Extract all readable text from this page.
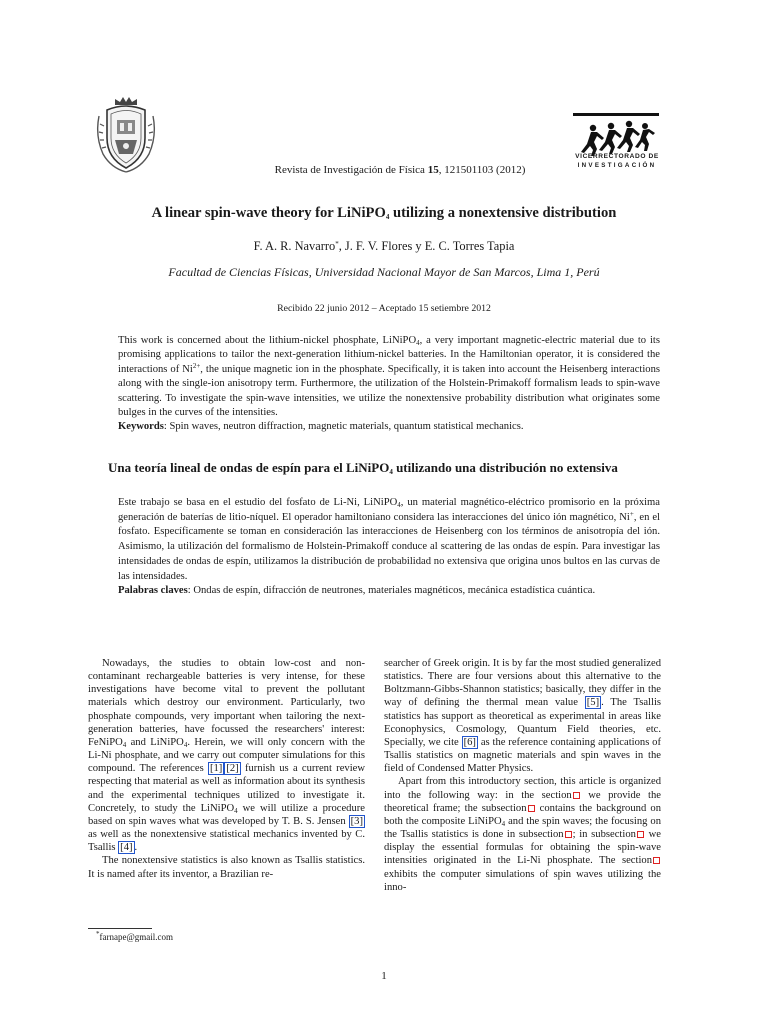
VICERRECTORADO DE
INVESTIGACIÓN
Revista de Investigación de Física 15, 121501103 (2012)
A linear spin-wave theory for LiNiPO$_4$ utilizing a nonextensive distribution
F. A. R. Navarro*, J. F. V. Flores y E. C. Torres Tapia
Facultad de Ciencias Físicas, Universidad Nacional Mayor de San Marcos, Lima 1, Perú
Recibido 22 junio 2012 – Aceptado 15 setiembre 2012

This work is concerned about the lithium-nickel phosphate, LiNiPO$_4$, a very important magnetic-electric material due to its promising applications to tailor the next-generation lithium-nickel batteries. In the Hamiltonian operator, it is considered the interactions of $Ni^{2+}$, the unique magnetic ion in the phosphate. Specifically, it is taken into account the Heisenberg interactions along with the single-ion anisotropy term. Furthermore, the utilization of the Holstein-Primakoff formalism leads to spin-wave scattering. To investigate the spin-wave intensities, we utilize the nonextensive probability distribution what originates some bulges in the curves of the intensities.

Keywords: Spin waves, neutron diffraction, magnetic materials, quantum statistical mechanics.

Una teoría lineal de ondas de espín para el LiNiPO$_4$ utilizando una distribución no extensiva

Este trabajo se basa en el estudio del fosfato de Li-Ni, LiNiPO$_4$, un material magnético-eléctrico promisorio en la próxima generación de baterías de litio-níquel. El operador hamiltoniano considera las interacciones del único ión magnético, Ni+, en el fosfato. Específicamente se toman en consideración las interacciones de Heisenberg con los términos de anisotropía del ión. Asimismo, la utilización del formalismo de Holstein-Primakoff conduce al scattering de las ondas de espín. Para investigar las intensidades de ondas de espín, utilizamos la distribución de probabilidad no extensiva que origina unos bultos en las curvas de las intensidades.

Palabras claves: Ondas de espín, difracción de neutrones, materiales magnéticos, mecánica estadística cuántica.

Nowadays, the studies to obtain low-cost and non-contaminant rechargeable batteries is very intense, for these investigations have become vital to prevent the pollutant materials which destroy our environment. Particularly, two phosphate compounds, very important when tailoring the next-generation batteries, have focussed the researchers' interest: FeNiPO$_4$ and LiNiPO$_4$. Herein, we will only concern with the Li-Ni phosphate, and we carry out computer simulations for this compound. The references [1] [2] furnish us a current review respecting that material as well as information about its synthesis and the experimental techniques utilized to investigate it. Concretely, to study the LiNiPO$_4$ we will utilize a procedure based on spin waves what was developed by T. B. S. Jensen [3] as well as the nonextensive statistical mechanics invented by C. Tsallis [4] .

The nonextensive statistics is also known as Tsallis statistics. It is named after its inventor, a Brazilian re-

searcher of Greek origin. It is by far the most studied generalized statistics. There are four versions about this alternative to the Boltzmann-Gibbs-Shannon statistics; basically, they differ in the way of defining the thermal mean value [5] . The Tsallis statistics has support as theoretical as experimental in areas like Econophysics, Cosmology, Quantum Field theories, etc. Specially, we cite [6] as the reference containing applications of Tsallis statistics on magnetic materials and spin waves in the field of Condensed Matter Physics.

Apart from this introductory section, this article is organized into the following way: in the section we provide the theoretical frame; the subsection contains the background on both the composite LiNiPO$_4$ and the spin waves; the focusing on the Tsallis statistics is done in subsection ; in subsection we display the essential formulas for obtaining the spin-wave intensities originated in the Li-Ni phosphate. The section exhibits the computer simulations of spin waves utilizing the inno-

*farnape@gmail.com
1
